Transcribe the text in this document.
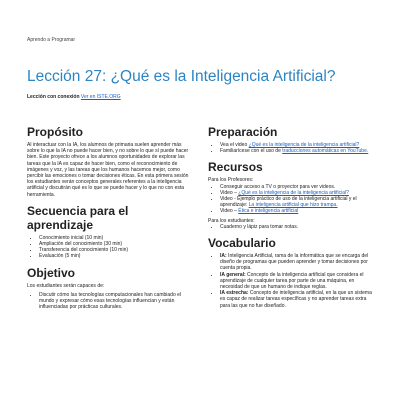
Aprendo a Programar
Lección 27: ¿Qué es la Inteligencia Artificial?
Lección con conexión Ver en ISTE.ORG
Propósito

Al interactuar con la IA, los alumnos de primaria suelen aprender más sobre lo que la IA no puede hacer bien, y no sobre lo que sí puede hacer bien. Este proyecto ofrece a los alumnos oportunidades de explorar las tareas que la IA es capaz de hacer bien, como el reconocimiento de imágenes y voz, y las tareas que los humanos hacemos mejor, como percibir las emociones o tomar decisiones éticas. En esta primera sesión los estudiantes verán conceptos generales referentes a la inteligencia artificial y discutirán qué es lo que se puede hacer y lo que no con esta herramienta.

Secuencia para el aprendizaje
• Conocimiento inicial (10 min)
• Ampliación del conocimiento (30 min)
• Transferencia del conocimiento (10 min)
• Evaluación (5 min)
Objetivo

Los estudiantes serán capaces de:

• Discutir cómo las tecnologías computacionales han cambiado el mundo y expresar cómo esas tecnologías influencian y están influenciadas por prácticas culturales.
Preparación
• Vea el video ¿Qué es la inteligencia de la inteligencia artificial?
• Familiarícese con el uso de traducciones automáticas en YouTube.
Recursos

Para los Profesores:

• Conseguir acceso a TV o proyector para ver videos.
• Video – ¿Qué es la inteligencia de la inteligencia artificial?
• Video - Ejemplo práctico de uso de la inteligencia artificial y el aprendizaje: La inteligencia artificial que hizo trampa.
• Video – Ética e inteligencia artificial

Para los estudiantes:

• Cuaderno y lápiz para tomar notas.
Vocabulario
• IA: Inteligencia Artificial, rama de la informática que se encarga del diseño de programas que pueden aprender y tomar decisiones por cuenta propia.
• IA general: Concepto de la inteligencia artificial que considera el aprendizaje de cualquier tarea por parte de una máquina, en necesidad de que un humano de indique reglas.
• IA estrecha: Concepto de inteligencia artificial, en la que un sistema es capaz de realizar tareas específicas y no aprender tareas extra para las que no fue diseñado.
